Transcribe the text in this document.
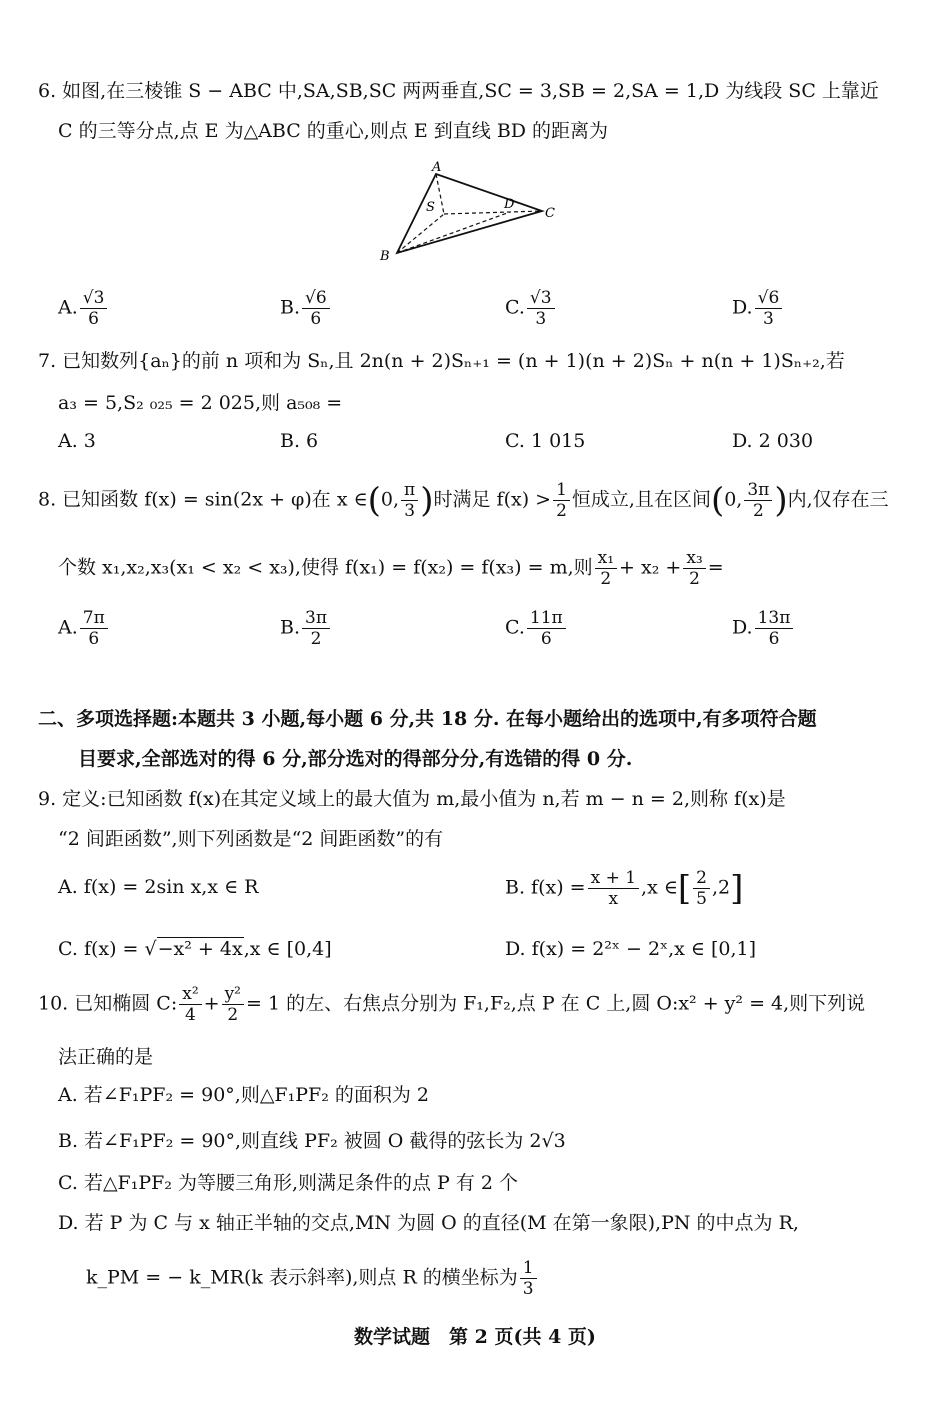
6. 如图,在三棱锥 S − ABC 中,SA,SB,SC 两两垂直,SC = 3,SB = 2,SA = 1,D 为线段 SC 上靠近
C 的三等分点,点 E 为△ABC 的重心,则点 E 到直线 BD 的距离为
A
S	D
C
B
A. $\frac{√3}{6}$	B. $\frac{√6}{6}$	C. $\frac{√3}{3}$	D. $\frac{√6}{3}$
7. 已知数列{aₙ}的前 n 项和为 Sₙ,且 2n(n + 2)Sₙ₊₁ = (n + 1)(n + 2)Sₙ + n(n + 1)Sₙ₊₂,若
a₃ = 5,S₂ ₀₂₅ = 2 025,则 a₅₀₈ =
A. 3	B. 6	C. 1 015	D. 2 030
8. 已知函数 f(x) = sin(2x + φ)在 x ∈(0, $\frac{\pi}{3}$ )时满足 $f(x) > \frac{1}{2}$ 恒成立,且在区间(0, $\frac{3\pi}{2}$ )内,仅存在三
个数 x₁,x₂,x₃(x₁ < x₂ < x₃),使得 f(x₁) = f(x₂) = f(x₃) = m,则 $\frac{\text{x₁}}{2} + x_2 + \frac{\text{x₃}}{2}$ =
A. $\frac{7\pi}{6}$	B. $\frac{3\pi}{2}$	C. $\frac{11\pi}{6}$	D. $\frac{13\pi}{6}$
二、多项选择题:本题共 3 小题,每小题 6 分,共 18 分. 在每小题给出的选项中,有多项符合题
目要求,全部选对的得 6 分,部分选对的得部分分,有选错的得 0 分.
9. 定义:已知函数 f(x)在其定义域上的最大值为 m,最小值为 n,若 m − n = 2,则称 f(x)是
“2 间距函数”,则下列函数是“2 间距函数”的有
A. f(x) = 2sin x,x ∈ R	B. $f(x) = \frac{x + 1}{x} ,x$ ∈[ $\frac{2}{5} ,2$]
C. f(x) = √−x² + 4x,x ∈ [0,4]	D. f(x) = 2²ˣ − 2ˣ,x ∈ [0,1]
10. 已知椭圆 C: $\frac{\text{x²}}{4} + \frac{\text{y²}}{2} = 1$ 的左、右焦点分别为 F₁,F₂,点 P 在 C 上,圆 O:x² + y² = 4,则下列说
法正确的是
A. 若∠F₁PF₂ = 90°,则△F₁PF₂ 的面积为 2
B. 若∠F₁PF₂ = 90°,则直线 PF₂ 被圆 O 截得的弦长为 2√3
C. 若△F₁PF₂ 为等腰三角形,则满足条件的点 P 有 2 个
D. 若 P 为 C 与 x 轴正半轴的交点,MN 为圆 O 的直径(M 在第一象限),PN 的中点为 R,
k_PM = − k_MR(k 表示斜率),则点 R 的横坐标为 $\frac{1}{3}$
数学试题　第 2 页(共 4 页)
